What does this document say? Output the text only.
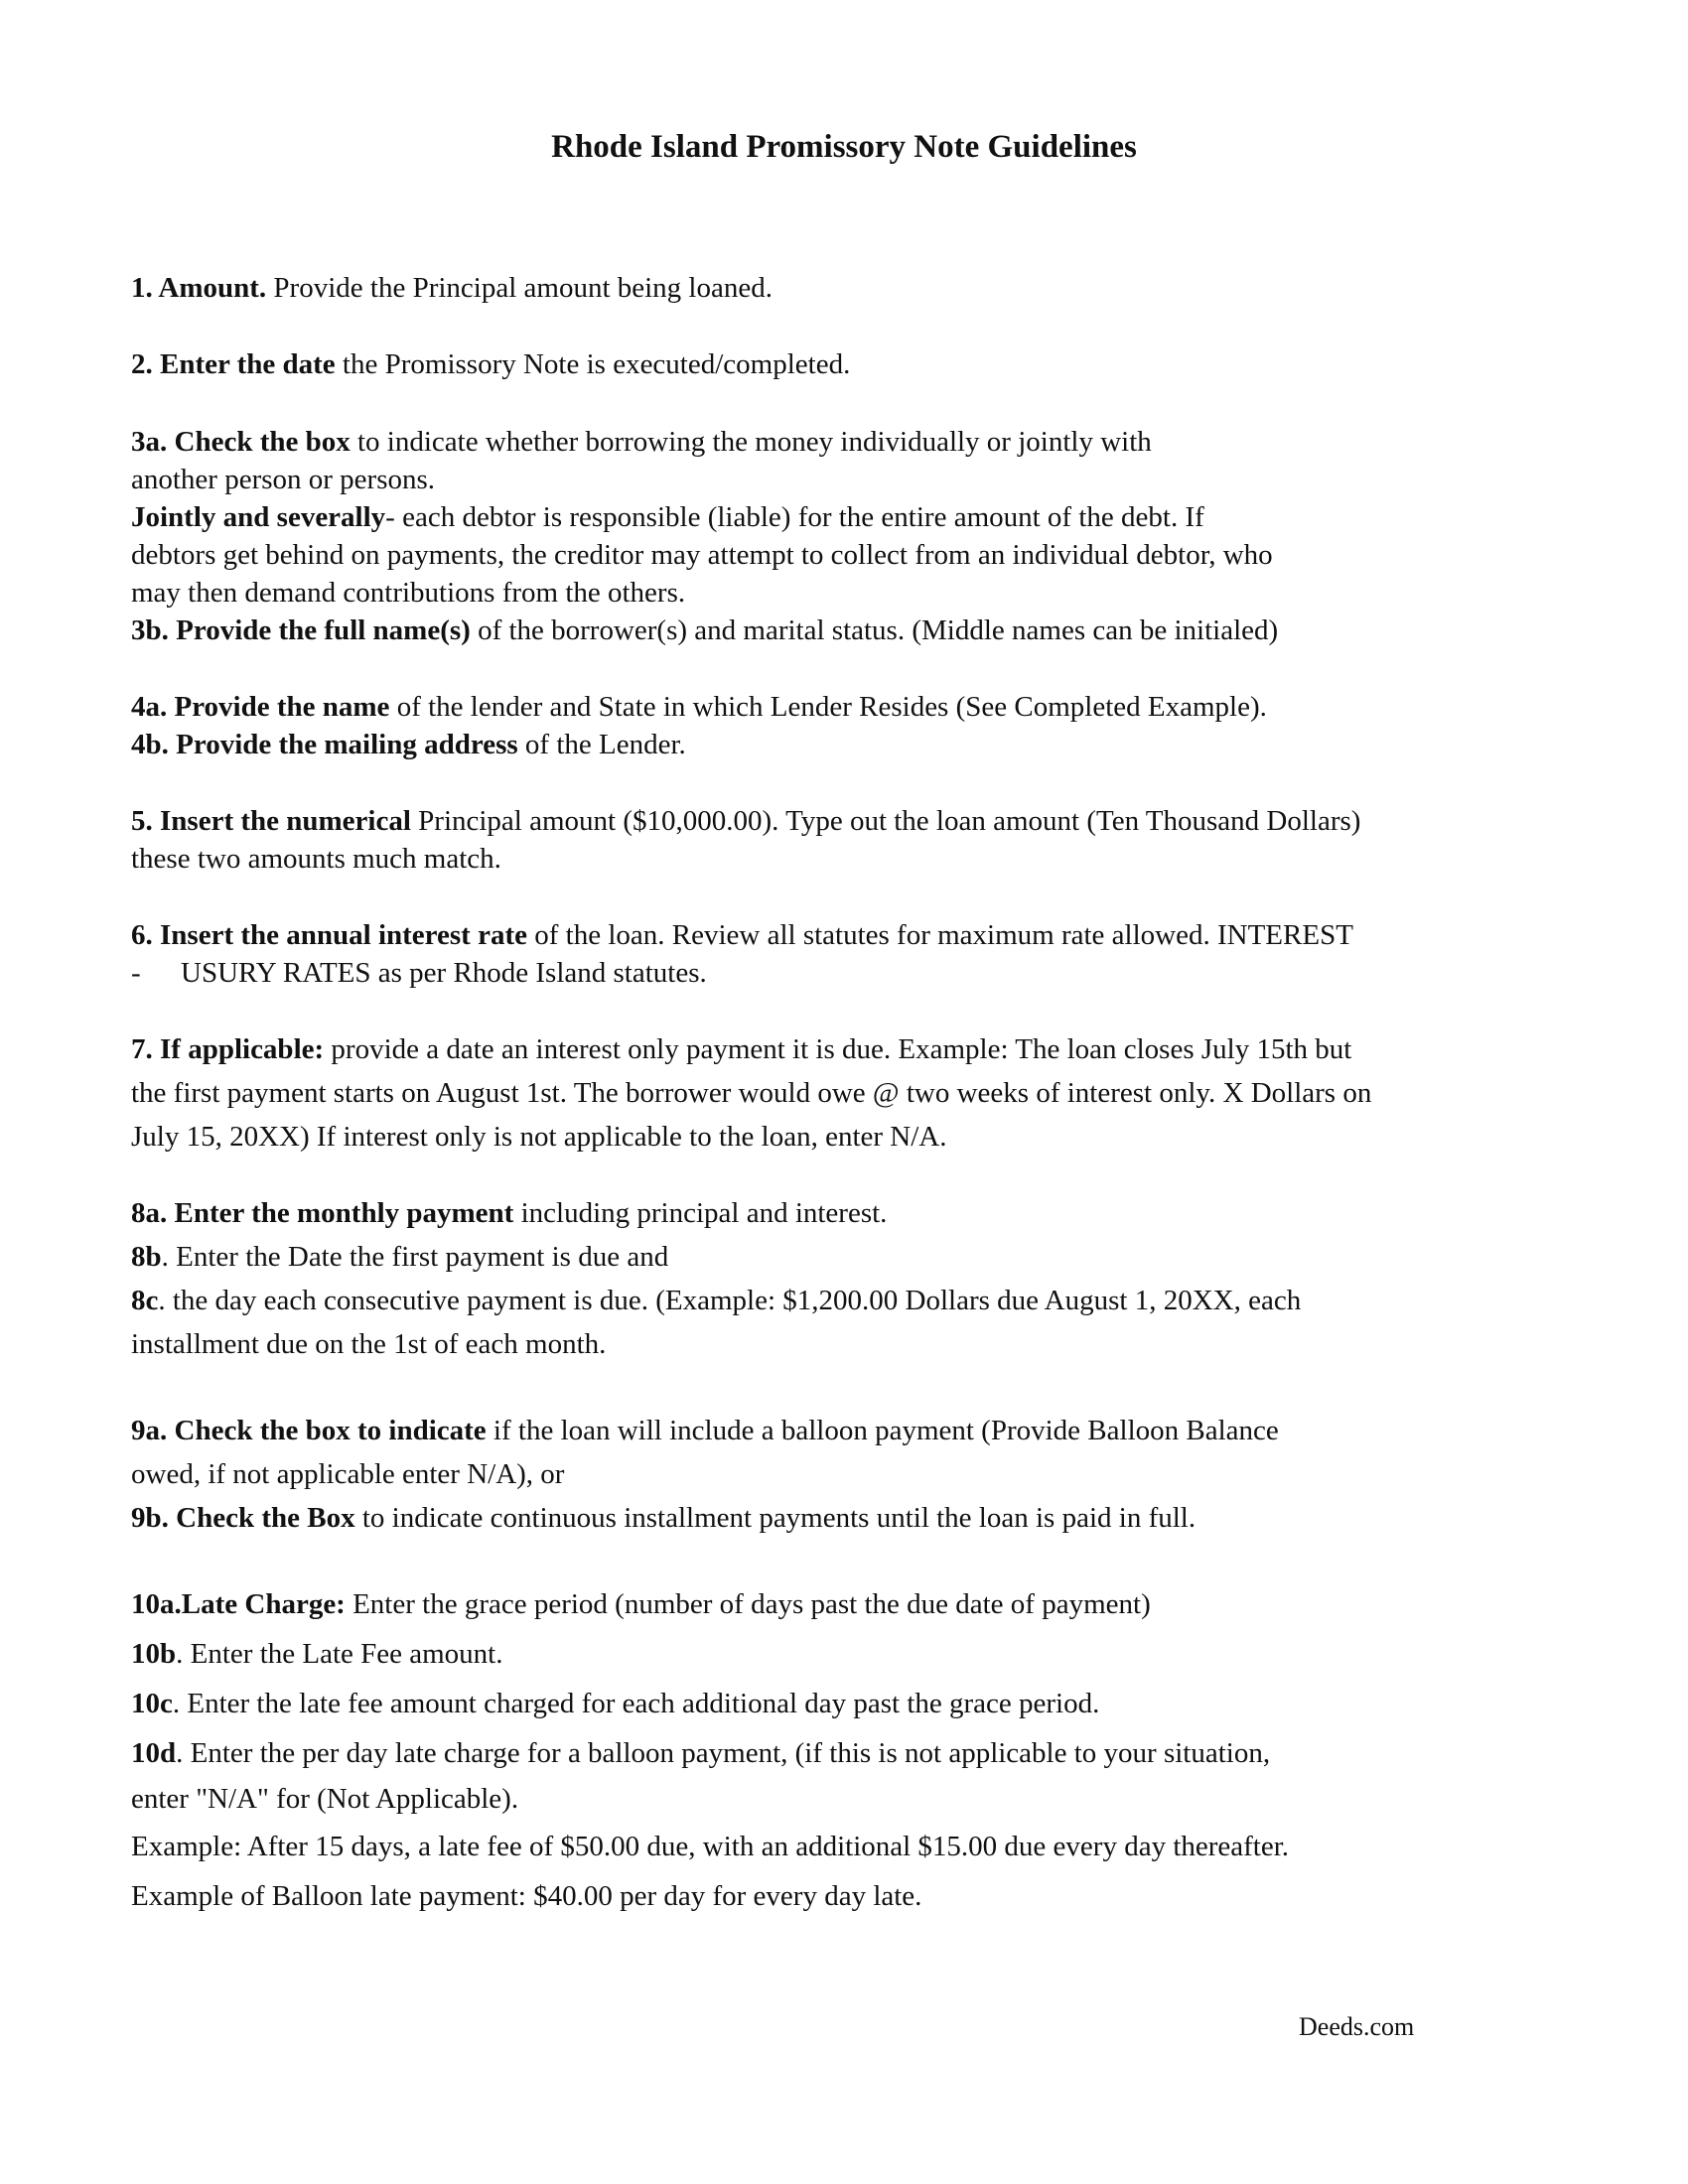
Rhode Island Promissory Note Guidelines
1. Amount. Provide the Principal amount being loaned.
2. Enter the date the Promissory Note is executed/completed.
3a. Check the box to indicate whether borrowing the money individually or jointly with
another person or persons.
Jointly and severally- each debtor is responsible (liable) for the entire amount of the debt. If
debtors get behind on payments, the creditor may attempt to collect from an individual debtor, who
may then demand contributions from the others.
3b. Provide the full name(s) of the borrower(s) and marital status. (Middle names can be initialed)
4a. Provide the name of the lender and State in which Lender Resides (See Completed Example).
4b. Provide the mailing address of the Lender.
5. Insert the numerical Principal amount ($10,000.00). Type out the loan amount (Ten Thousand Dollars)
these two amounts much match.
6. Insert the annual interest rate of the loan. Review all statutes for maximum rate allowed. INTEREST
- USURY RATES as per Rhode Island statutes.
7. If applicable: provide a date an interest only payment it is due. Example: The loan closes July 15th but
the first payment starts on August 1st. The borrower would owe @ two weeks of interest only. X Dollars on
July 15, 20XX) If interest only is not applicable to the loan, enter N/A.
8a. Enter the monthly payment including principal and interest.
8b. Enter the Date the first payment is due and
8c. the day each consecutive payment is due. (Example: $1,200.00 Dollars due August 1, 20XX, each
installment due on the 1st of each month.
9a. Check the box to indicate if the loan will include a balloon payment (Provide Balloon Balance
owed, if not applicable enter N/A), or
9b. Check the Box to indicate continuous installment payments until the loan is paid in full.
10a.Late Charge: Enter the grace period (number of days past the due date of payment)
10b. Enter the Late Fee amount.
10c. Enter the late fee amount charged for each additional day past the grace period.
10d. Enter the per day late charge for a balloon payment, (if this is not applicable to your situation,
enter "N/A" for (Not Applicable).
Example: After 15 days, a late fee of $50.00 due, with an additional $15.00 due every day thereafter.
Example of Balloon late payment: $40.00 per day for every day late.
Deeds.com
